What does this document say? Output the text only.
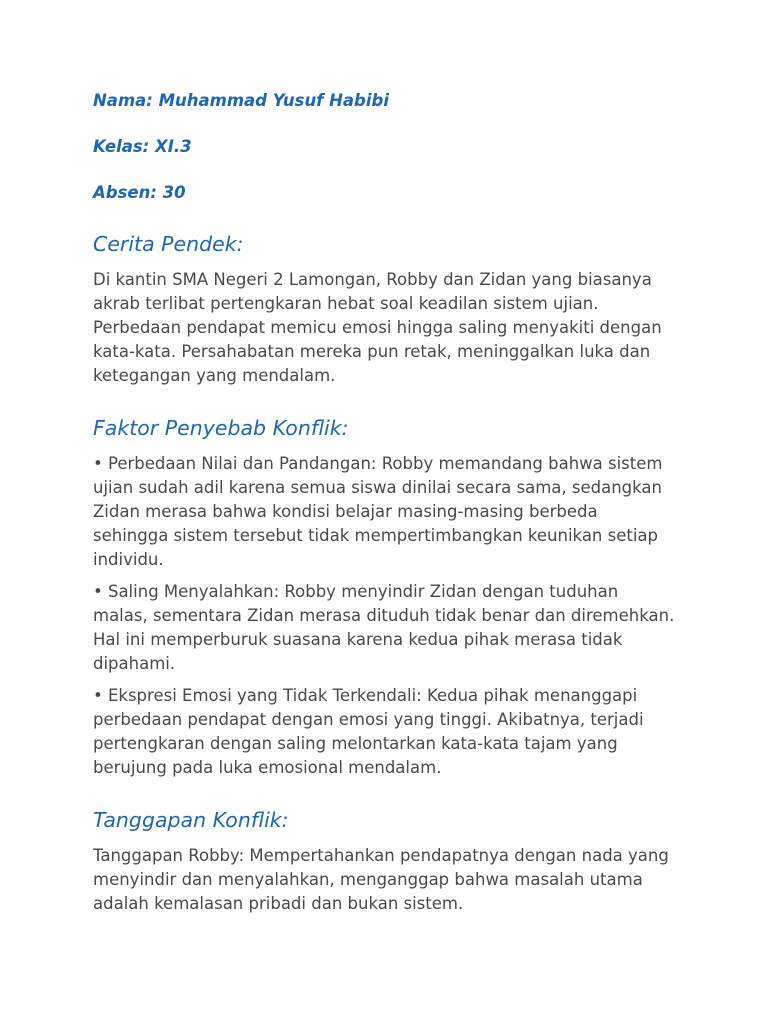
Nama: Muhammad Yusuf Habibi

Kelas: XI.3

Absen: 30

Cerita Pendek:

Di kantin SMA Negeri 2 Lamongan, Robby dan Zidan yang biasanya akrab terlibat pertengkaran hebat soal keadilan sistem ujian. Perbedaan pendapat memicu emosi hingga saling menyakiti dengan kata-kata. Persahabatan mereka pun retak, meninggalkan luka dan ketegangan yang mendalam.

Faktor Penyebab Konflik:

• Perbedaan Nilai dan Pandangan: Robby memandang bahwa sistem ujian sudah adil karena semua siswa dinilai secara sama, sedangkan Zidan merasa bahwa kondisi belajar masing-masing berbeda sehingga sistem tersebut tidak mempertimbangkan keunikan setiap individu.

• Saling Menyalahkan: Robby menyindir Zidan dengan tuduhan malas, sementara Zidan merasa dituduh tidak benar dan diremehkan. Hal ini memperburuk suasana karena kedua pihak merasa tidak dipahami.

• Ekspresi Emosi yang Tidak Terkendali: Kedua pihak menanggapi perbedaan pendapat dengan emosi yang tinggi. Akibatnya, terjadi pertengkaran dengan saling melontarkan kata-kata tajam yang berujung pada luka emosional mendalam.

Tanggapan Konflik:

Tanggapan Robby: Mempertahankan pendapatnya dengan nada yang menyindir dan menyalahkan, menganggap bahwa masalah utama adalah kemalasan pribadi dan bukan sistem.
